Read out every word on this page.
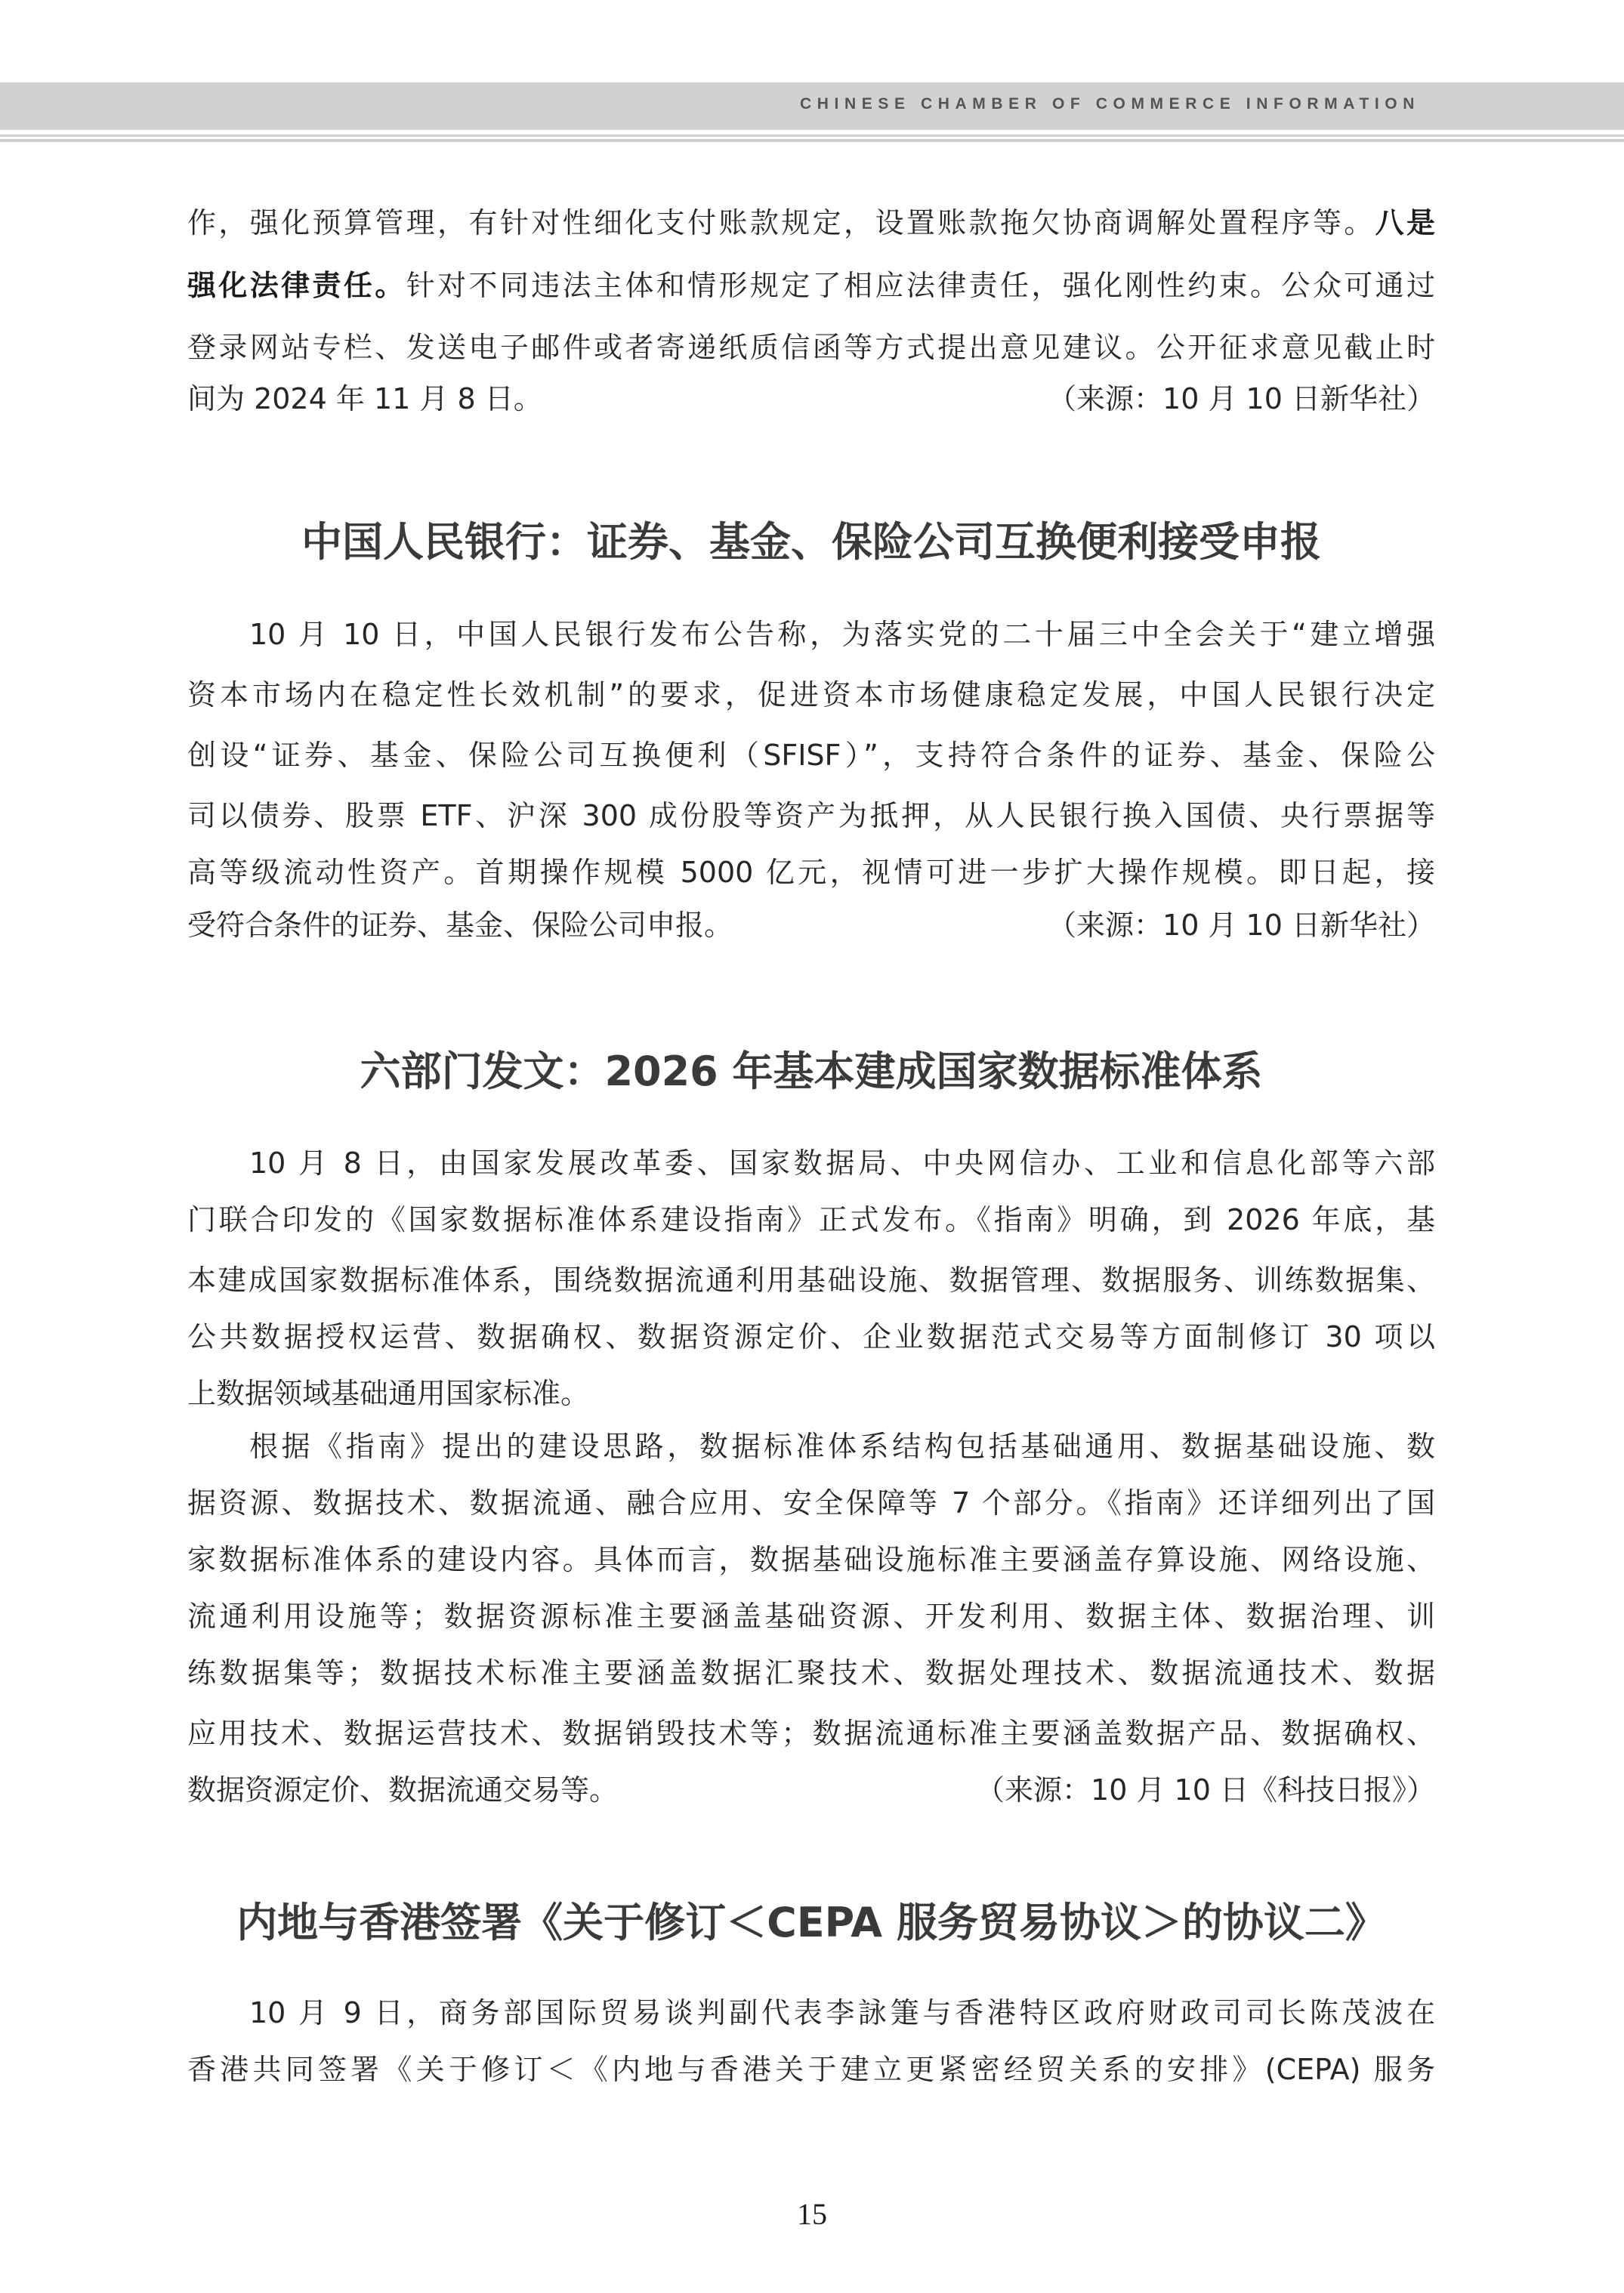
CHINESE CHAMBER OF COMMERCE INFORMATION
作，强化预算管理，有针对性细化支付账款规定，设置账款拖欠协商调解处置程序等。八是
强化法律责任。针对不同违法主体和情形规定了相应法律责任，强化刚性约束。公众可通过
登录网站专栏、发送电子邮件或者寄递纸质信函等方式提出意见建议。公开征求意见截止时
间为 2024 年 11 月 8 日。	（来源：10 月 10 日新华社）
中国人民银行：证券、基金、保险公司互换便利接受申报
10 月 10 日，中国人民银行发布公告称，为落实党的二十届三中全会关于“建立增强
资本市场内在稳定性长效机制”的要求，促进资本市场健康稳定发展，中国人民银行决定
创设“证券、基金、保险公司互换便利（SFISF）”，支持符合条件的证券、基金、保险公
司以债券、股票 ETF、沪深 300 成份股等资产为抵押，从人民银行换入国债、央行票据等
高等级流动性资产。首期操作规模 5000 亿元，视情可进一步扩大操作规模。即日起，接
受符合条件的证券、基金、保险公司申报。	（来源：10 月 10 日新华社）
六部门发文：2026 年基本建成国家数据标准体系
10 月 8 日，由国家发展改革委、国家数据局、中央网信办、工业和信息化部等六部
门联合印发的《国家数据标准体系建设指南》正式发布。《指南》明确，到 2026 年底，基
本建成国家数据标准体系，围绕数据流通利用基础设施、数据管理、数据服务、训练数据集、
公共数据授权运营、数据确权、数据资源定价、企业数据范式交易等方面制修订 30 项以
上数据领域基础通用国家标准。
根据《指南》提出的建设思路，数据标准体系结构包括基础通用、数据基础设施、数
据资源、数据技术、数据流通、融合应用、安全保障等 7 个部分。《指南》还详细列出了国
家数据标准体系的建设内容。具体而言，数据基础设施标准主要涵盖存算设施、网络设施、
流通利用设施等；数据资源标准主要涵盖基础资源、开发利用、数据主体、数据治理、训
练数据集等；数据技术标准主要涵盖数据汇聚技术、数据处理技术、数据流通技术、数据
应用技术、数据运营技术、数据销毁技术等；数据流通标准主要涵盖数据产品、数据确权、
数据资源定价、数据流通交易等。	（来源：10 月 10 日《科技日报》）
内地与香港签署《关于修订＜CEPA 服务贸易协议＞的协议二》
10 月 9 日，商务部国际贸易谈判副代表李詠箑与香港特区政府财政司司长陈茂波在
香港共同签署《关于修订＜《内地与香港关于建立更紧密经贸关系的安排》(CEPA) 服务
15
